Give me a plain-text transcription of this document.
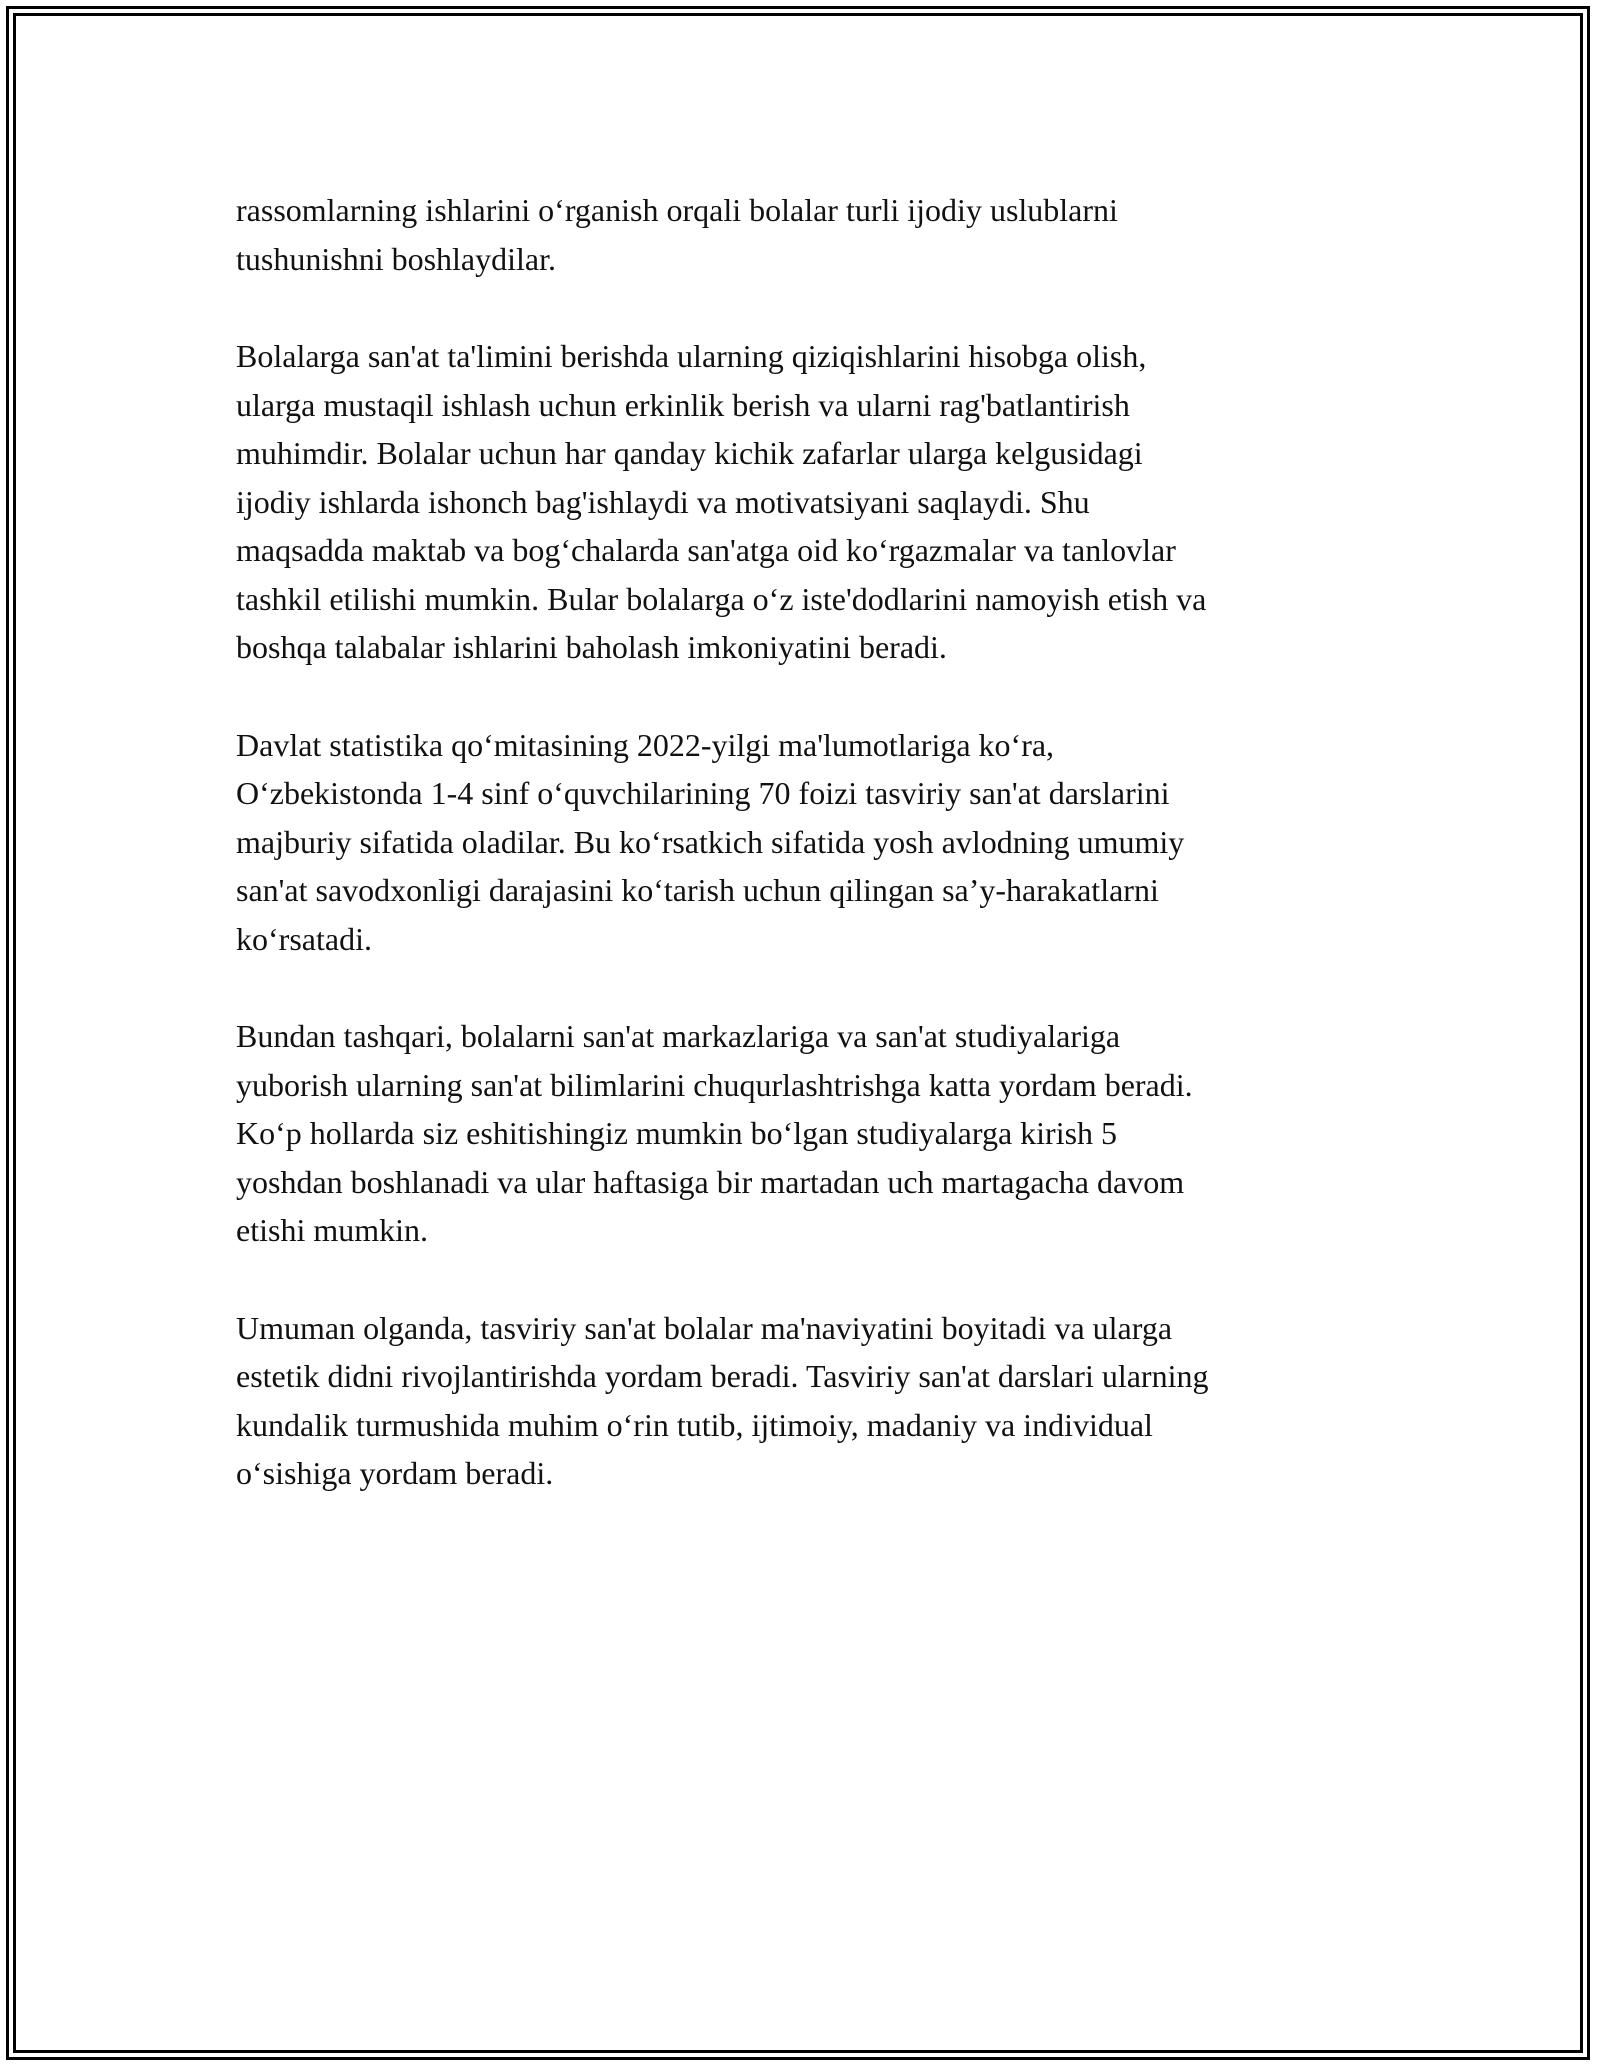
rassomlarning ishlarini o‘rganish orqali bolalar turli ijodiy uslublarni
tushunishni boshlaydilar.

Bolalarga san'at ta'limini berishda ularning qiziqishlarini hisobga olish,
ularga mustaqil ishlash uchun erkinlik berish va ularni rag'batlantirish
muhimdir. Bolalar uchun har qanday kichik zafarlar ularga kelgusidagi
ijodiy ishlarda ishonch bag'ishlaydi va motivatsiyani saqlaydi. Shu
maqsadda maktab va bog‘chalarda san'atga oid ko‘rgazmalar va tanlovlar
tashkil etilishi mumkin. Bular bolalarga o‘z iste'dodlarini namoyish etish va
boshqa talabalar ishlarini baholash imkoniyatini beradi.

Davlat statistika qo‘mitasining 2022-yilgi ma'lumotlariga ko‘ra,
O‘zbekistonda 1-4 sinf o‘quvchilarining 70 foizi tasviriy san'at darslarini
majburiy sifatida oladilar. Bu ko‘rsatkich sifatida yosh avlodning umumiy
san'at savodxonligi darajasini ko‘tarish uchun qilingan sa’y-harakatlarni
ko‘rsatadi.

Bundan tashqari, bolalarni san'at markazlariga va san'at studiyalariga
yuborish ularning san'at bilimlarini chuqurlashtrishga katta yordam beradi.
Ko‘p hollarda siz eshitishingiz mumkin bo‘lgan studiyalarga kirish 5
yoshdan boshlanadi va ular haftasiga bir martadan uch martagacha davom
etishi mumkin.

Umuman olganda, tasviriy san'at bolalar ma'naviyatini boyitadi va ularga
estetik didni rivojlantirishda yordam beradi. Tasviriy san'at darslari ularning
kundalik turmushida muhim o‘rin tutib, ijtimoiy, madaniy va individual
o‘sishiga yordam beradi.
